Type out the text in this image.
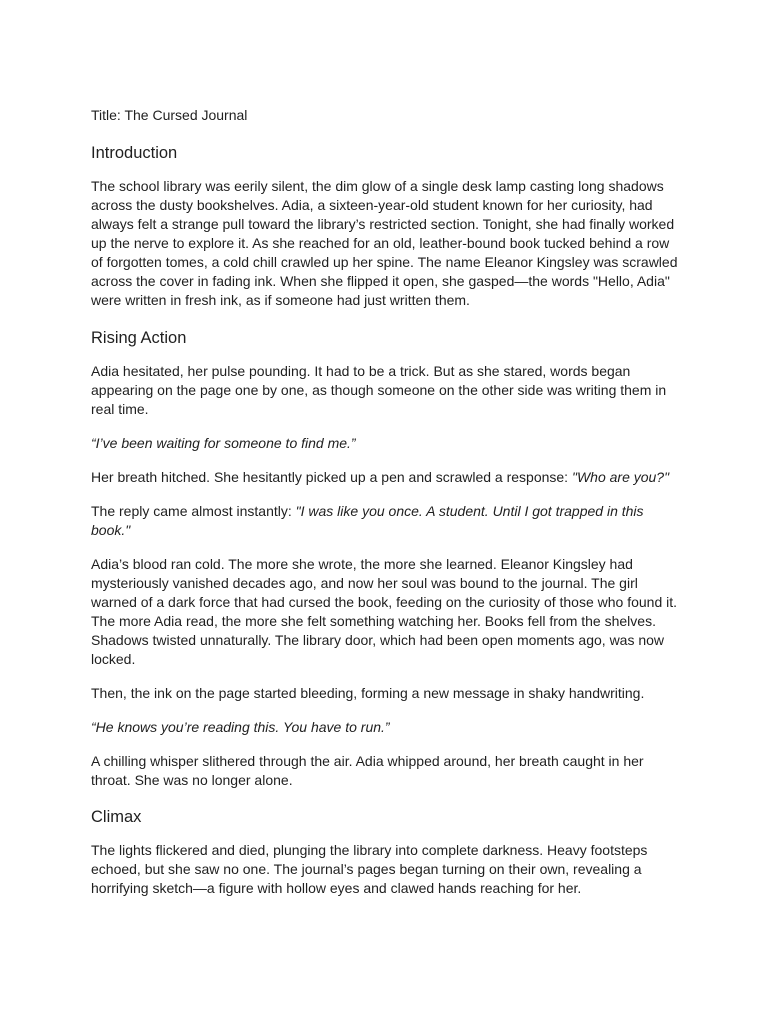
Title: The Cursed Journal

Introduction

The school library was eerily silent, the dim glow of a single desk lamp casting long shadows across the dusty bookshelves. Adia, a sixteen-year-old student known for her curiosity, had always felt a strange pull toward the library’s restricted section. Tonight, she had finally worked up the nerve to explore it. As she reached for an old, leather-bound book tucked behind a row of forgotten tomes, a cold chill crawled up her spine. The name Eleanor Kingsley was scrawled across the cover in fading ink. When she flipped it open, she gasped—the words "Hello, Adia" were written in fresh ink, as if someone had just written them.

Rising Action

Adia hesitated, her pulse pounding. It had to be a trick. But as she stared, words began appearing on the page one by one, as though someone on the other side was writing them in real time.

“I’ve been waiting for someone to find me.”

Her breath hitched. She hesitantly picked up a pen and scrawled a response: "Who are you?"

The reply came almost instantly: "I was like you once. A student. Until I got trapped in this book."

Adia’s blood ran cold. The more she wrote, the more she learned. Eleanor Kingsley had mysteriously vanished decades ago, and now her soul was bound to the journal. The girl warned of a dark force that had cursed the book, feeding on the curiosity of those who found it. The more Adia read, the more she felt something watching her. Books fell from the shelves. Shadows twisted unnaturally. The library door, which had been open moments ago, was now locked.

Then, the ink on the page started bleeding, forming a new message in shaky handwriting.

“He knows you’re reading this. You have to run.”

A chilling whisper slithered through the air. Adia whipped around, her breath caught in her throat. She was no longer alone.

Climax

The lights flickered and died, plunging the library into complete darkness. Heavy footsteps echoed, but she saw no one. The journal’s pages began turning on their own, revealing a horrifying sketch—a figure with hollow eyes and clawed hands reaching for her.
